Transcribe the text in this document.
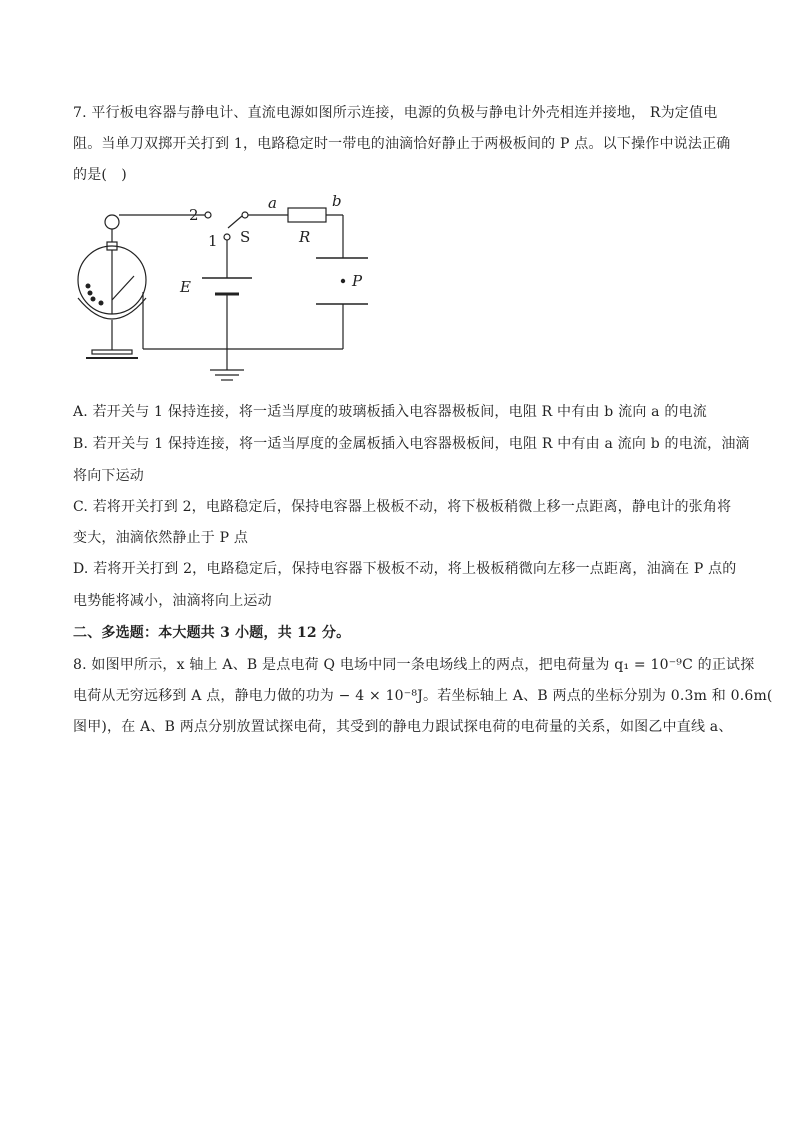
7. 平行板电容器与静电计、直流电源如图所示连接，电源的负极与静电计外壳相连并接地， R为定值电
阻。当单刀双掷开关打到 1，电路稳定时一带电的油滴恰好静止于两极板间的 P 点。以下操作中说法正确
的是(　)
2
1 S
a	b
R
E	P
A. 若开关与 1 保持连接，将一适当厚度的玻璃板插入电容器极板间，电阻 R 中有由 b 流向 a 的电流
B. 若开关与 1 保持连接，将一适当厚度的金属板插入电容器极板间，电阻 R 中有由 a 流向 b 的电流，油滴
将向下运动
C. 若将开关打到 2，电路稳定后，保持电容器上极板不动，将下极板稍微上移一点距离，静电计的张角将
变大，油滴依然静止于 P 点
D. 若将开关打到 2，电路稳定后，保持电容器下极板不动，将上极板稍微向左移一点距离，油滴在 P 点的
电势能将减小，油滴将向上运动
二、多选题：本大题共 3 小题，共 12 分。
8. 如图甲所示，x 轴上 A、B 是点电荷 Q 电场中同一条电场线上的两点，把电荷量为 q₁ = 10⁻⁹C 的正试探
电荷从无穷远移到 A 点，静电力做的功为 − 4 × 10⁻⁸J。若坐标轴上 A、B 两点的坐标分别为 0.3m 和 0.6m(
图甲)，在 A、B 两点分别放置试探电荷，其受到的静电力跟试探电荷的电荷量的关系，如图乙中直线 a、
